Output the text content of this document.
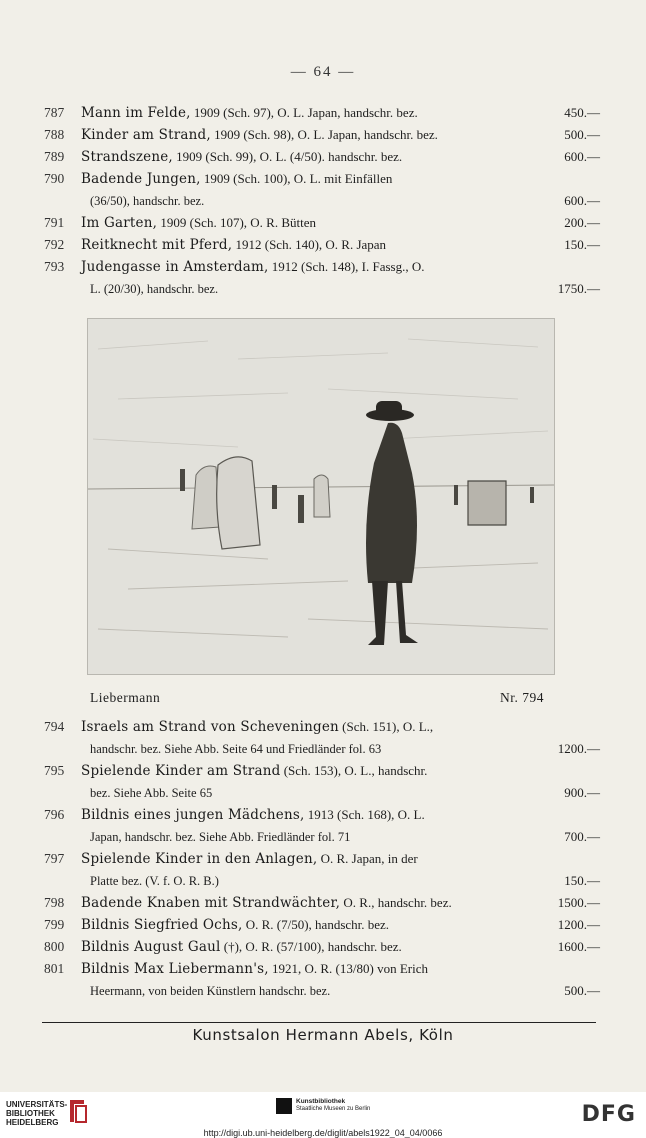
— 64 —
787 Mann im Felde, 1909 (Sch. 97), O. L. Japan, handschr. bez.	450.—
788 Kinder am Strand, 1909 (Sch. 98), O. L. Japan, handschr. bez.	500.—
789 Strandszene, 1909 (Sch. 99), O. L. (4/50). handschr. bez.	600.—
790 Badende Jungen, 1909 (Sch. 100), O. L. mit Einfällen
(36/50), handschr. bez.	600.—
791 Im Garten, 1909 (Sch. 107), O. R. Bütten	200.—
792 Reitknecht mit Pferd, 1912 (Sch. 140), O. R. Japan	150.—
793 Judengasse in Amsterdam, 1912 (Sch. 148), I. Fassg., O.
L. (20/30), handschr. bez.	1750.—
Liebermann	Nr. 794
794 Israels am Strand von Scheveningen (Sch. 151), O. L.,
handschr. bez. Siehe Abb. Seite 64 und Friedländer fol. 63	1200.—
795 Spielende Kinder am Strand (Sch. 153), O. L., handschr.
bez. Siehe Abb. Seite 65	900.—
796 Bildnis eines jungen Mädchens, 1913 (Sch. 168), O. L.
Japan, handschr. bez. Siehe Abb. Friedländer fol. 71	700.—
797 Spielende Kinder in den Anlagen, O. R. Japan, in der
Platte bez. (V. f. O. R. B.)	150.—
798 Badende Knaben mit Strandwächter, O. R., handschr. bez.	1500.—
799 Bildnis Siegfried Ochs, O. R. (7/50), handschr. bez.	1200.—
800 Bildnis August Gaul (†), O. R. (57/100), handschr. bez.	1600.—
801 Bildnis Max Liebermann's, 1921, O. R. (13/80) von Erich
Heermann, von beiden Künstlern handschr. bez.	500.—
Kunstsalon Hermann Abels, Köln
UNIVERSITÄTS-
BIBLIOTHEK
HEIDELBERG
Kunstbibliothek
Staatliche Museen zu Berlin	DFG
http://digi.ub.uni-heidelberg.de/diglit/abels1922_04_04/0066
